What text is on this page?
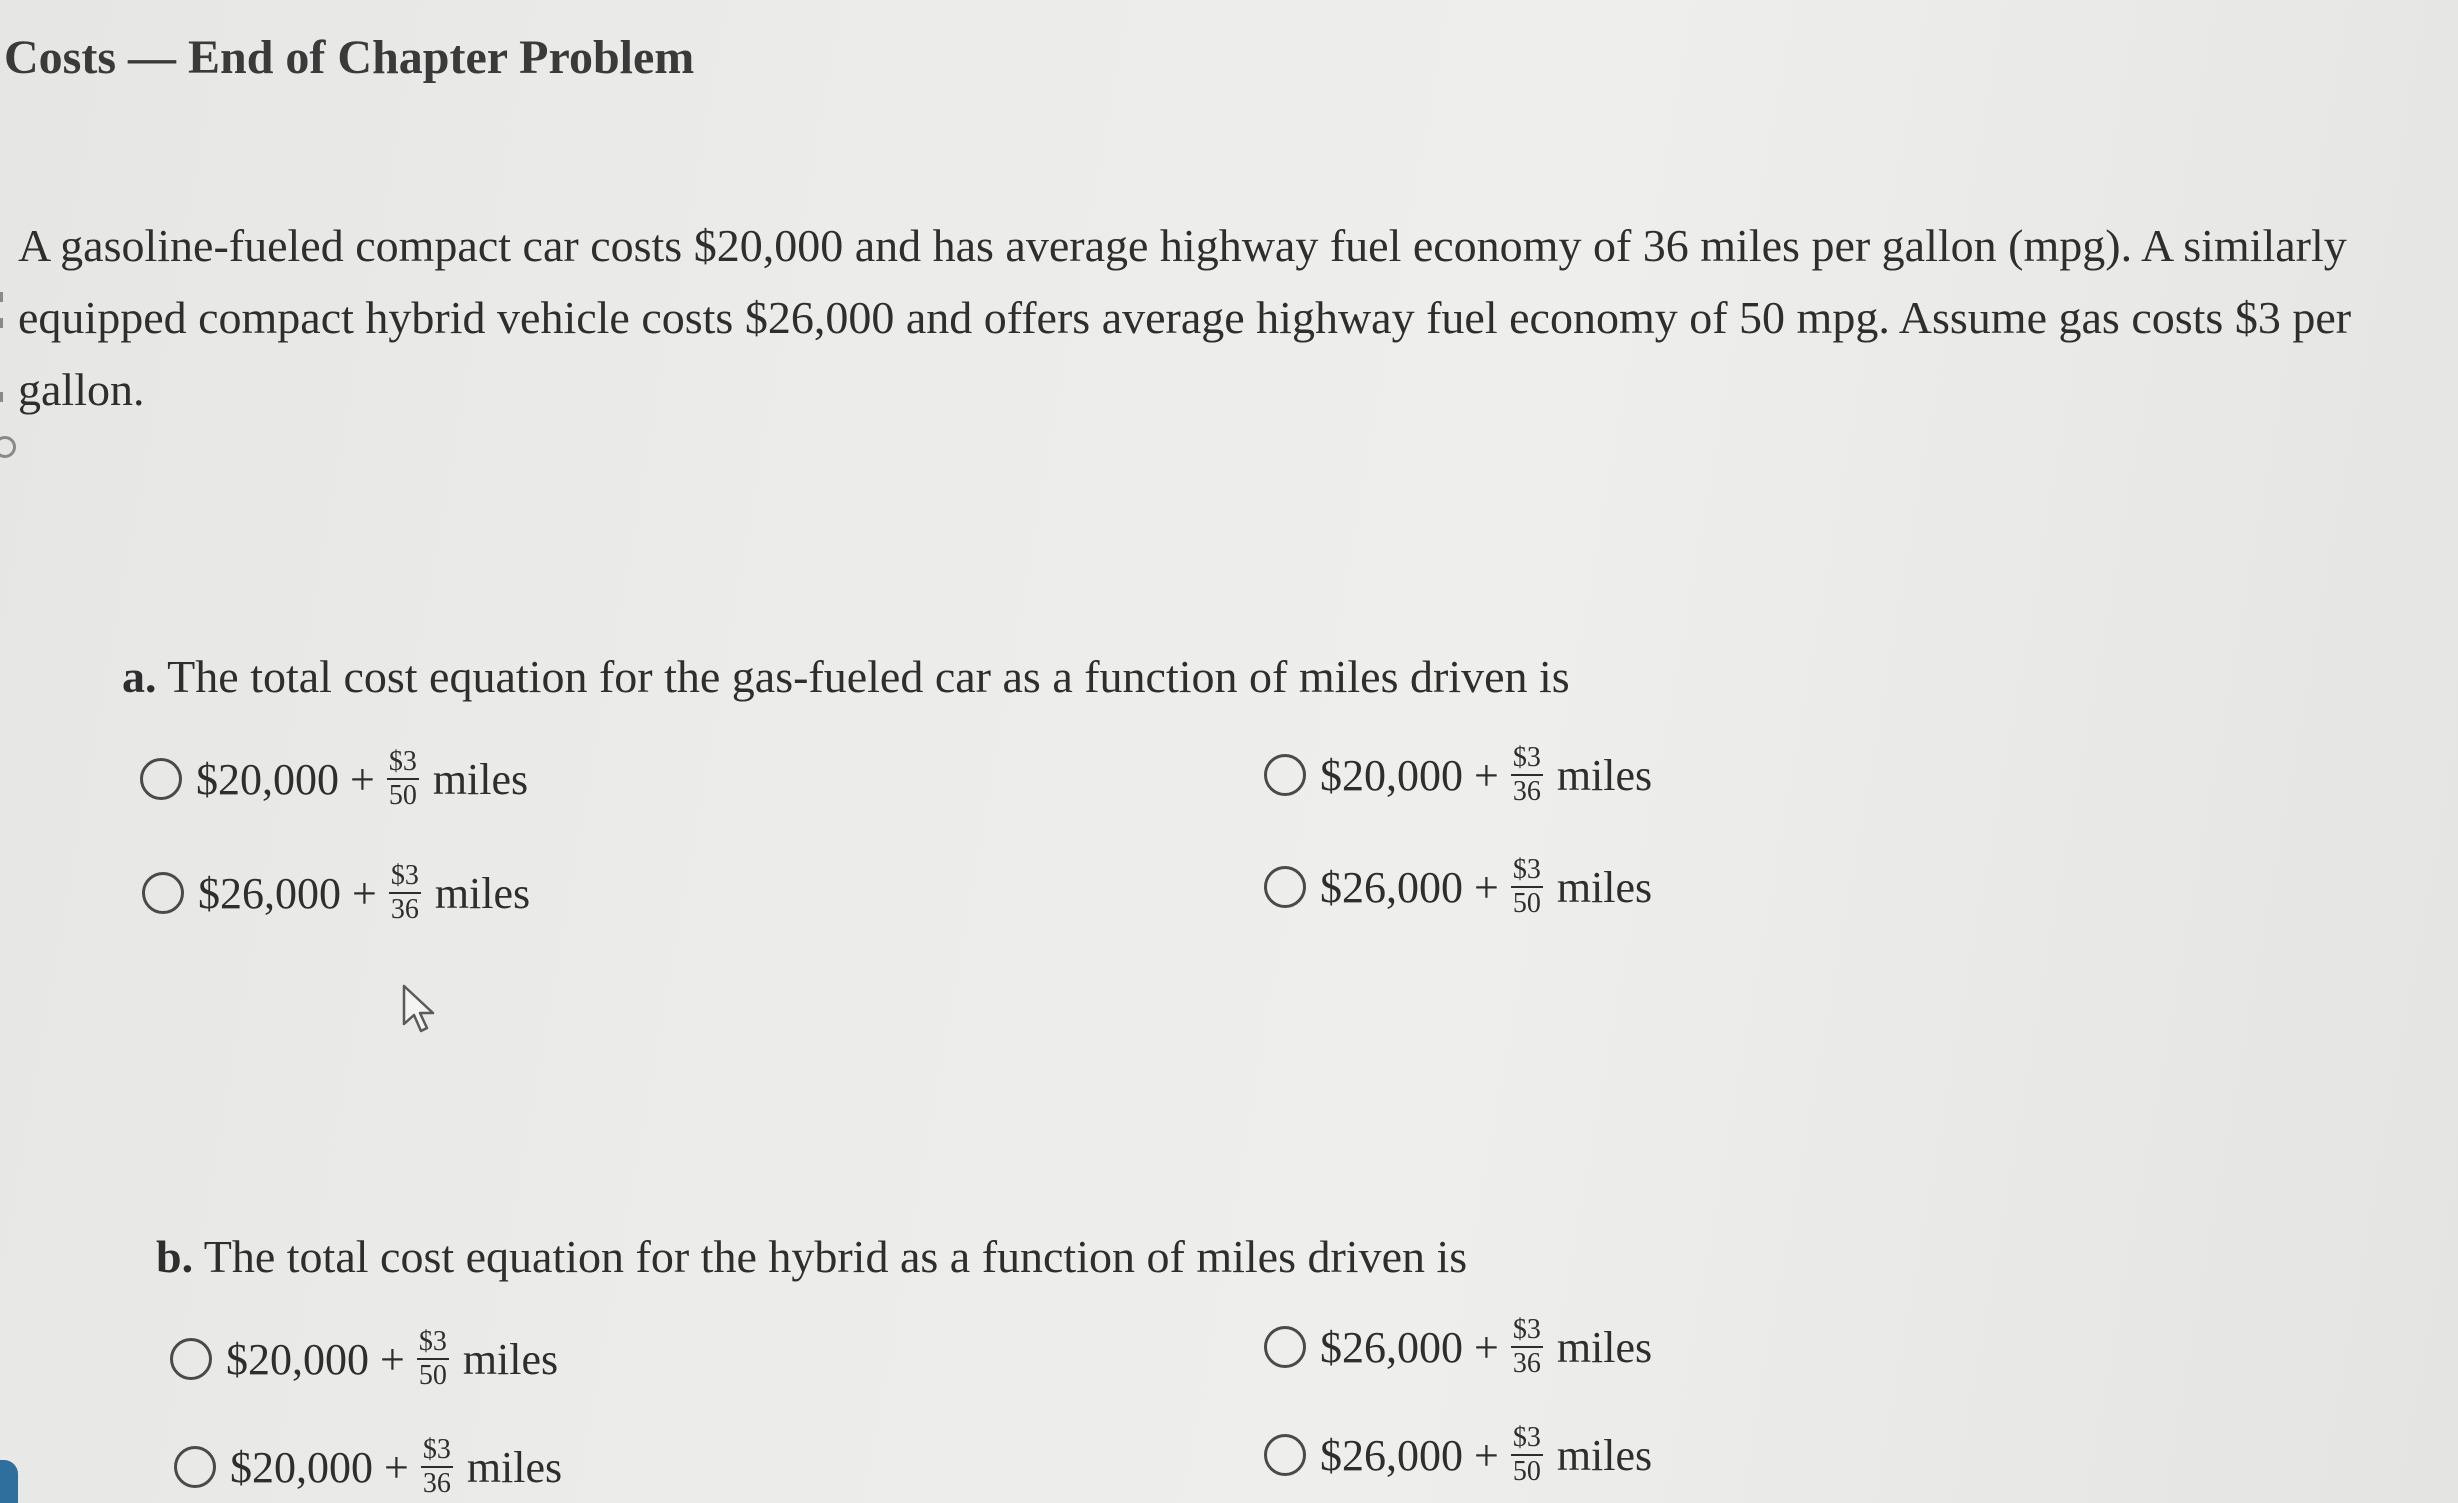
Costs — End of Chapter Problem
A gasoline-fueled compact car costs $20,000 and has average highway fuel economy of 36 miles per gallon (mpg). A similarly equipped compact hybrid vehicle costs $26,000 and offers average highway fuel economy of 50 mpg. Assume gas costs $3 per gallon.
a. The total cost equation for the gas-fueled car as a function of miles driven is
$20,000 + $\frac{\$3}{50}$ miles	$20,000 + $\frac{\$3}{36}$ miles
$26,000 + $\frac{\$3}{36}$ miles	$26,000 + $\frac{\$3}{50}$ miles
b. The total cost equation for the hybrid as a function of miles driven is
$20,000 + $\frac{\$3}{50}$ miles	$26,000 + $\frac{\$3}{36}$ miles
$20,000 + $\frac{\$3}{36}$ miles	$26,000 + $\frac{\$3}{50}$ miles
